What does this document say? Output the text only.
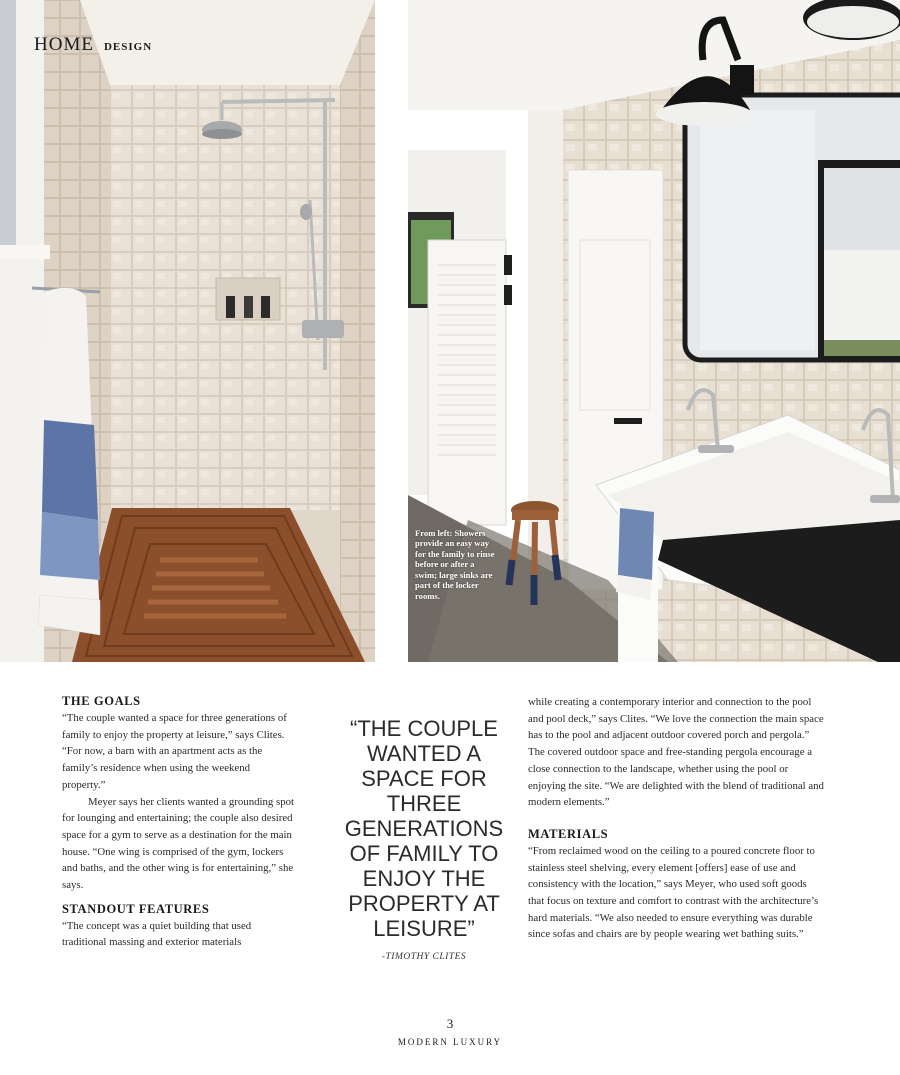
HOME DESIGN
From left: Showers provide an easy way for the family to rinse before or after a swim; large sinks are part of the locker rooms.
THE GOALS

“The couple wanted a space for three generations of family to enjoy the property at leisure,” says Clites. “For now, a barn with an apartment acts as the family’s residence when using the weekend property.”

Meyer says her clients wanted a grounding spot for lounging and entertaining; the couple also desired space for a gym to serve as a destination for the main house. “One wing is comprised of the gym, lockers and baths, and the other wing is for entertaining,” she says.

STANDOUT FEATURES

“The concept was a quiet building that used traditional massing and exterior materials

“THE COUPLE WANTED A SPACE FOR THREE GENERATIONS OF FAMILY TO ENJOY THE PROPERTY AT LEISURE”
-TIMOTHY CLITES

while creating a contemporary interior and connection to the pool and pool deck,” says Clites. “We love the connection the main space has to the pool and adjacent outdoor covered porch and pergola.” The covered outdoor space and free-standing pergola encourage a close connection to the landscape, whether using the pool or enjoying the site. “We are delighted with the blend of traditional and modern elements.”

MATERIALS

“From reclaimed wood on the ceiling to a poured concrete floor to stainless steel shelving, every element [offers] ease of use and consistency with the location,” says Meyer, who used soft goods that focus on texture and comfort to contrast with the architecture’s hard materials. “We also needed to ensure everything was durable since sofas and chairs are by people wearing wet bathing suits.”

3
MODERN LUXURY
